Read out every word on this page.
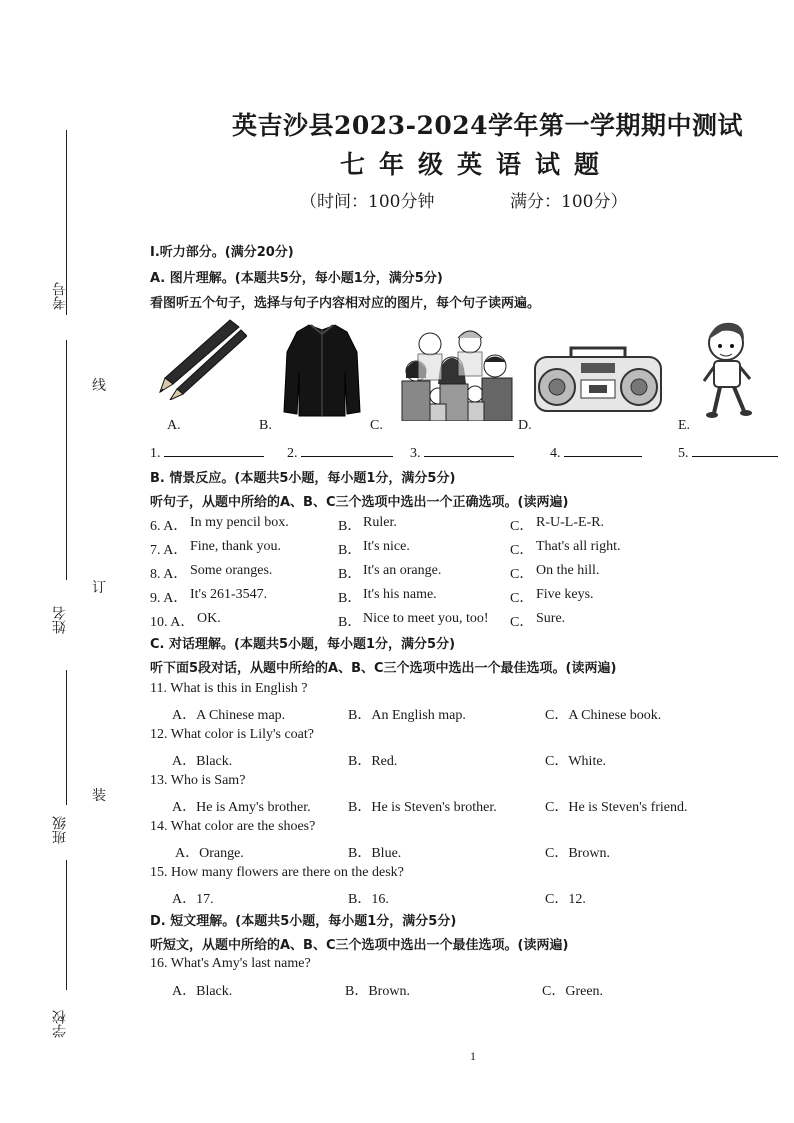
考号
姓名
班级
学校
线
订
装
英吉沙县2023-2024学年第一学期期中测试
七年级英语试题
（时间：100分钟	满分：100分）
Ⅰ.听力部分。(满分20分)
A. 图片理解。(本题共5分，每小题1分，满分5分)
看图听五个句子，选择与句子内容相对应的图片，每个句子读两遍。
A.	B.	C.	D.	E.
1.	2.	3.	4.	5.
B. 情景反应。(本题共5小题，每小题1分，满分5分)
听句子，从题中所给的A、B、C三个选项中选出一个正确选项。(读两遍)
6. A． In my pencil box.	B． Ruler.	C． R-U-L-E-R.
7. A． Fine, thank you.	B． It's nice.	C． That's all right.
8. A． Some oranges.	B． It's an orange.	C． On the hill.
9. A． It's 261-3547.	B． It's his name.	C． Five keys.
10. A． OK.	B． Nice to meet you, too! C． Sure.
C. 对话理解。(本题共5小题，每小题1分，满分5分)
听下面5段对话，从题中所给的A、B、C三个选项中选出一个最佳选项。(读两遍)
11. What is this in English ?
A．A Chinese map.	B．An English map.	C．A Chinese book.
12. What color is Lily's coat?
A．Black.	B．Red.	C．White.
13. Who is Sam?
A．He is Amy's brother.	B．He is Steven's brother.	C．He is Steven's friend.
14. What color are the shoes?
A．Orange.	B．Blue.	C．Brown.
15. How many flowers are there on the desk?
A．17.	B．16.	C．12.
D. 短文理解。(本题共5小题，每小题1分，满分5分)
听短文，从题中所给的A、B、C三个选项中选出一个最佳选项。(读两遍)
16. What's Amy's last name?
A．Black.	B．Brown.	C．Green.
1
